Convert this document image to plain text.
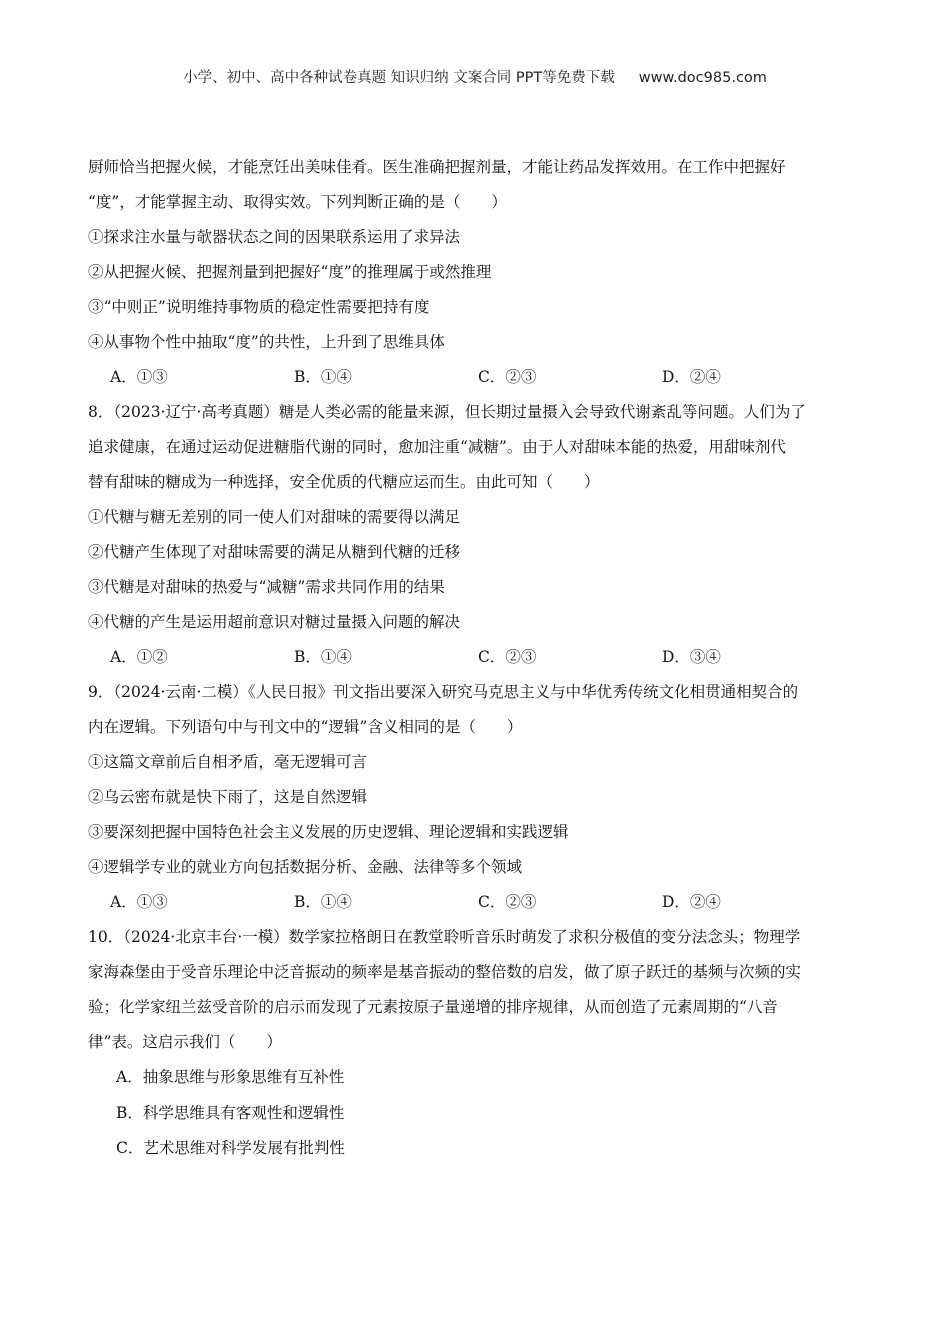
小学、初中、高中各种试卷真题 知识归纳 文案合同 PPT等免费下载 www.doc985.com
厨师恰当把握火候，才能烹饪出美味佳肴。医生准确把握剂量，才能让药品发挥效用。在工作中把握好
“度”，才能掌握主动、取得实效。下列判断正确的是（　　）
①探求注水量与欹器状态之间的因果联系运用了求异法
②从把握火候、把握剂量到把握好“度”的推理属于或然推理
③“中则正”说明维持事物质的稳定性需要把持有度
④从事物个性中抽取“度”的共性，上升到了思维具体
A．①③	B．①④	C．②③	D．②④
8．（2023·辽宁·高考真题）糖是人类必需的能量来源，但长期过量摄入会导致代谢紊乱等问题。人们为了
追求健康，在通过运动促进糖脂代谢的同时，愈加注重“减糖”。由于人对甜味本能的热爱，用甜味剂代
替有甜味的糖成为一种选择，安全优质的代糖应运而生。由此可知（　　）
①代糖与糖无差别的同一使人们对甜味的需要得以满足
②代糖产生体现了对甜味需要的满足从糖到代糖的迁移
③代糖是对甜味的热爱与“减糖”需求共同作用的结果
④代糖的产生是运用超前意识对糖过量摄入问题的解决
A．①②	B．①④	C．②③	D．③④
9．（2024·云南·二模）《人民日报》刊文指出要深入研究马克思主义与中华优秀传统文化相贯通相契合的
内在逻辑。下列语句中与刊文中的“逻辑”含义相同的是（　　）
①这篇文章前后自相矛盾，毫无逻辑可言
②乌云密布就是快下雨了，这是自然逻辑
③要深刻把握中国特色社会主义发展的历史逻辑、理论逻辑和实践逻辑
④逻辑学专业的就业方向包括数据分析、金融、法律等多个领域
A．①③	B．①④	C．②③	D．②④
10．（2024·北京丰台·一模）数学家拉格朗日在教堂聆听音乐时萌发了求积分极值的变分法念头；物理学
家海森堡由于受音乐理论中泛音振动的频率是基音振动的整倍数的启发，做了原子跃迁的基频与次频的实
验；化学家纽兰兹受音阶的启示而发现了元素按原子量递增的排序规律，从而创造了元素周期的“八音
律”表。这启示我们（　　）
A．抽象思维与形象思维有互补性
B．科学思维具有客观性和逻辑性
C．艺术思维对科学发展有批判性
